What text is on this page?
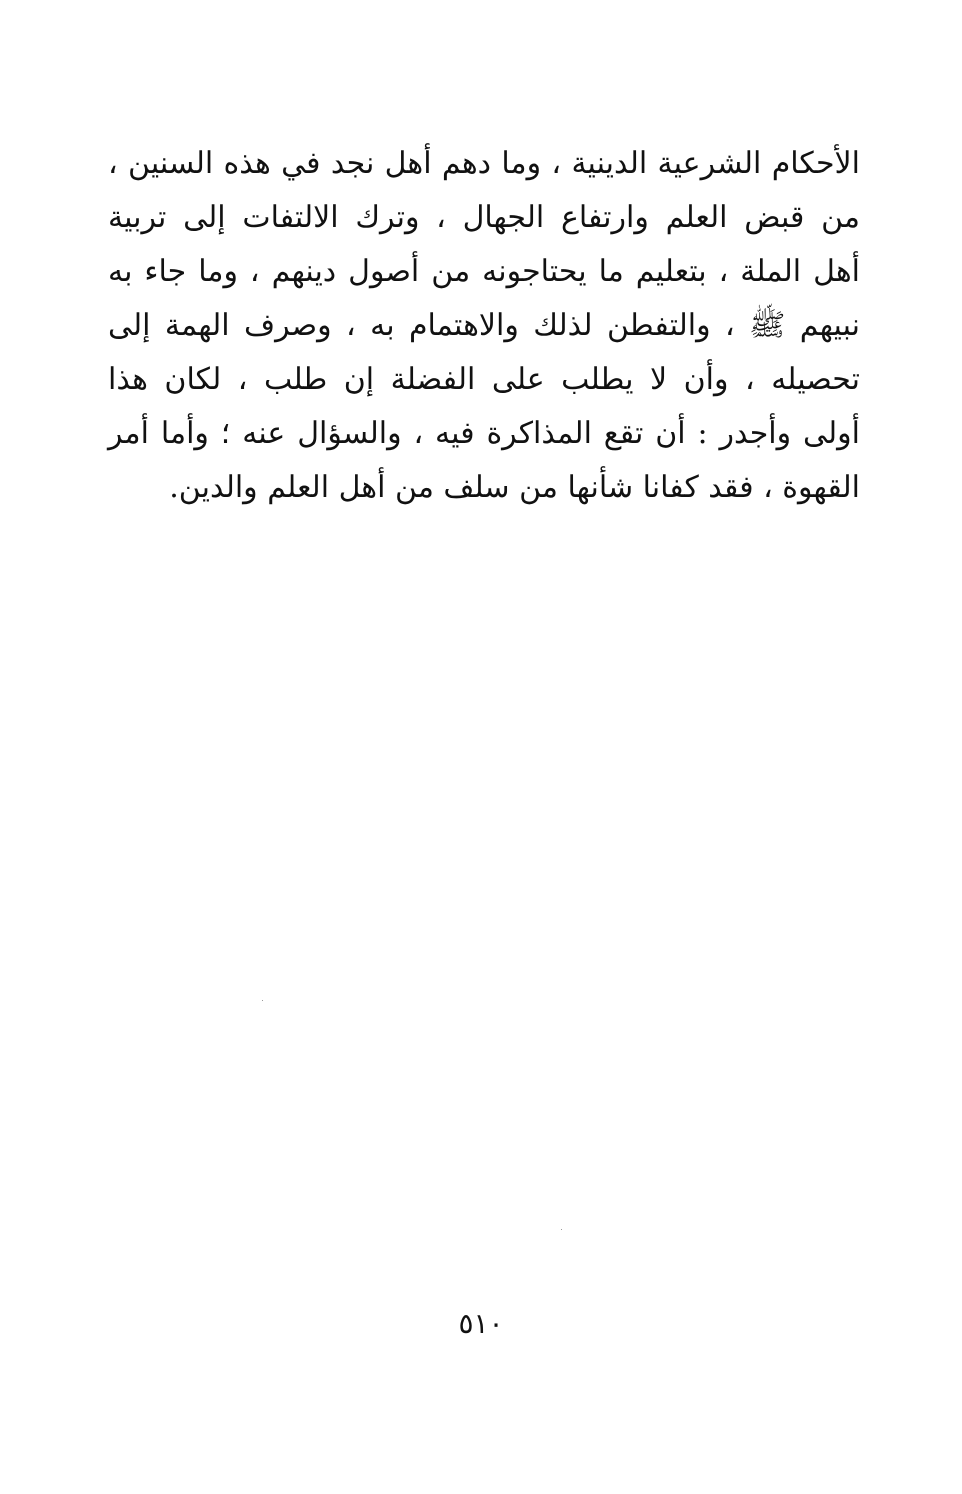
الأحكام الشرعية الدينية ، وما دهم أهل نجد في هذه السنين ،
من قبض العلم وارتفاع الجهال ، وترك الالتفات إلى تربية
أهل الملة ، بتعليم ما يحتاجونه من أصول دينهم ، وما جاء به
نبيهم ﷺ ، والتفطن لذلك والاهتمام به ، وصرف الهمة إلى
تحصيله ، وأن لا يطلب على الفضلة إن طلب ، لكان هذا
أولى وأجدر : أن تقع المذاكرة فيه ، والسؤال عنه ؛ وأما أمر
القهوة ، فقد كفانا شأنها من سلف من أهل العلم والدين.
٥١٠
